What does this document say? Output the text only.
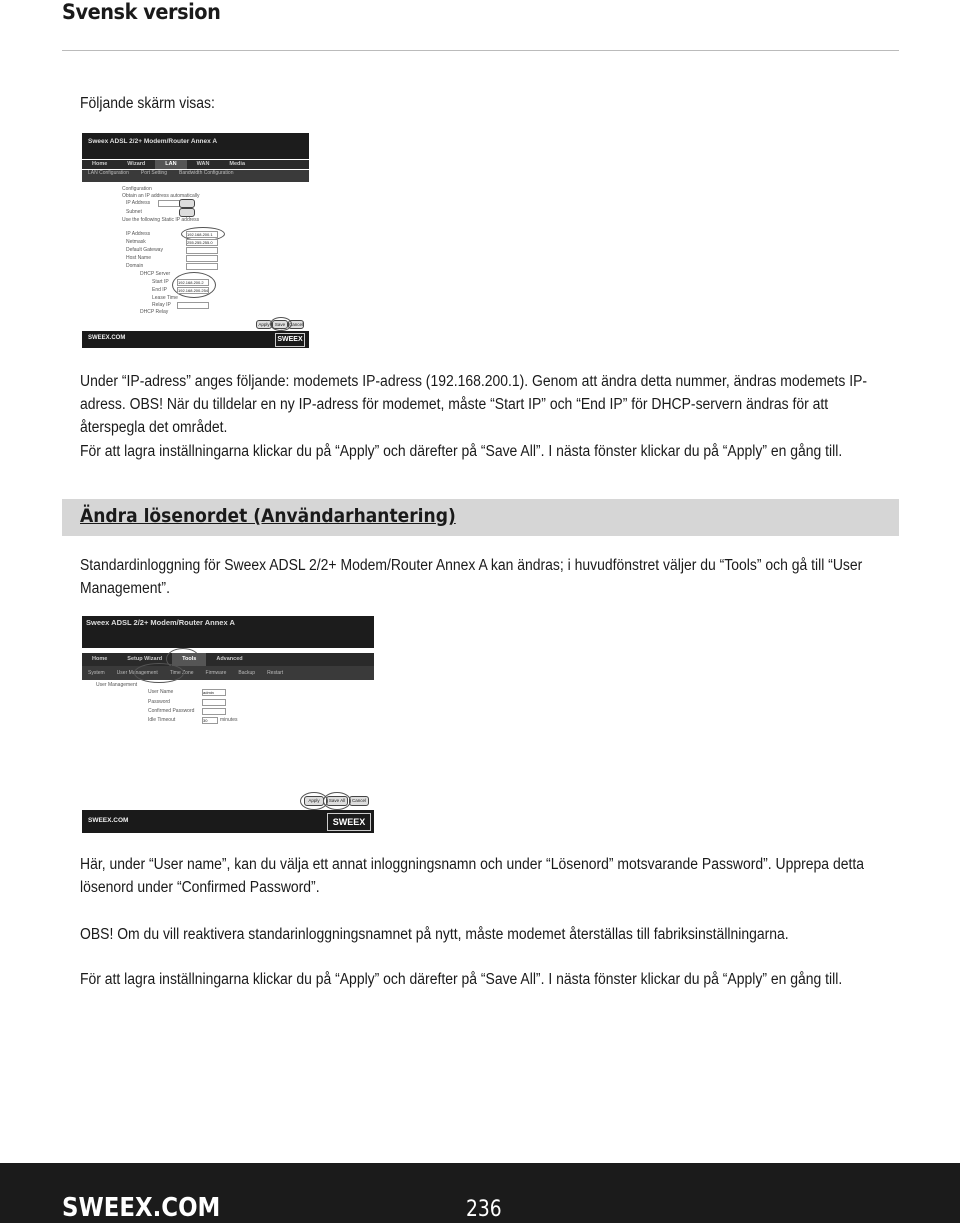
Svensk version
Följande skärm visas:
Sweex ADSL 2/2+ Modem/Router Annex A
Home	Wizard	LAN	WAN	Media
LAN Configuration	Port Setting	Bandwidth Configuration
Configuration
Obtain an IP address automatically
IP Address
Subnet
Use the following Static IP address
IP Address	192.168.200.1
Netmask	255.255.255.0
Default Gateway
Host Name
Domain
DHCP Server
Start IP 192.168.200.2
End IP	192.168.200.254
Lease Time
Relay IP
DHCP Relay
Apply	Save Cancel
SWEEX.COM	SWEEX
Under “IP-adress” anges följande: modemets IP-adress (192.168.200.1). Genom att ändra detta nummer, ändras modemets IP-adress. OBS! När du tilldelar en ny IP-adress för modemet, måste “Start IP” och “End IP” för DHCP-servern ändras för att återspegla det området.
För att lagra inställningarna klickar du på “Apply” och därefter på “Save All”. I nästa fönster klickar du på “Apply” en gång till.
Ändra lösenordet (Användarhantering)
Standardinloggning för Sweex ADSL 2/2+ Modem/Router Annex A kan ändras; i huvudfönstret väljer du “Tools” och gå till “User Management”.
Sweex ADSL 2/2+ Modem/Router Annex A
Home	Setup Wizard	Tools	Advanced
System	User Management	Time Zone	Firmware	Backup	Restart
User Management
User Name	admin
Password
Confirmed Password
Idle Timeout	30	minutes
Apply	Save All	Cancel
SWEEX.COM	SWEEX
Här, under “User name”, kan du välja ett annat inloggningsnamn och under “Lösenord” motsvarande Password”. Upprepa detta lösenord under “Confirmed Password”.
OBS! Om du vill reaktivera standarinloggningsnamnet på nytt, måste modemet återställas till fabriksinställningarna.
För att lagra inställningarna klickar du på “Apply” och därefter på “Save All”. I nästa fönster klickar du på “Apply” en gång till.
SWEEX.COM	236
